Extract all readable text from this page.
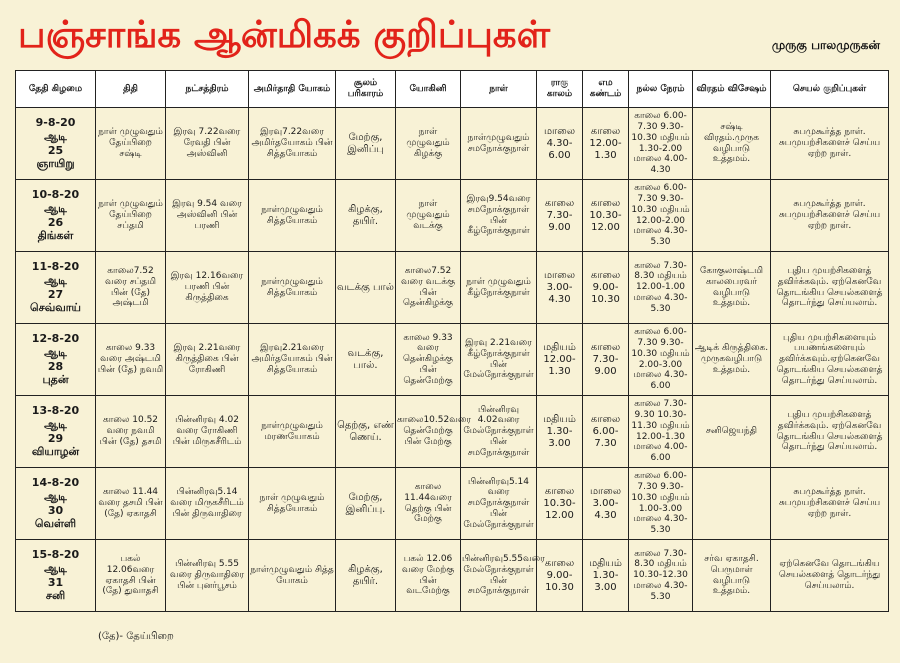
பஞ்சாங்க ஆன்மிகக் குறிப்புகள்	முருகு பாலமுருகன்
தேதி கிழமை	திதி	நட்சத்திரம்	அமிர்தாதி யோகம்	சூலம் பரிகாரம்	யோகினி	நாள்	ராகு காலம்	எம கண்டம்	நல்ல நேரம்	விரதம் விசேஷம்	செயல் குறிப்புகள்

9-8-20
ஆடி
25
ஞாயிறு	நாள் முழுவதும் தேய்பிறை சஷ்டி	இரவு 7.22வரை ரேவதி பின் அஸ்வினி	இரவு7.22வரை அமிர்தயோகம் பின் சித்தயோகம்	மேற்கு, இனிப்பு	நாள் முழுவதும் கிழக்கு	நாள்முழுவதும் சமநோக்குநாள்	மாலை 4.30- 6.00	காலை 12.00- 1.30	காலை 6.00-7.30 9.30-10.30 மதியம் 1.30-2.00 மாலை 4.00-4.30	சஷ்டி விரதம்.முருக வழிபாடு உத்தமம்.	சுபமுகூர்த்த நாள். சுபமுயற்சிகளைச் செய்ய ஏற்ற நாள்.

10-8-20
ஆடி
26
திங்கள்	நாள் முழுவதும் தேய்பிறை சப்தமி	இரவு 9.54 வரை அஸ்வினி பின் பரணி	நாள்முழுவதும் சித்தயோகம்	கிழக்கு, தயிர்.	நாள் முழுவதும் வடக்கு	இரவு9.54வரை சமநோக்குநாள் பின் கீழ்நோக்குநாள்	காலை 7.30- 9.00	காலை 10.30- 12.00	காலை 6.00-7.30 9.30-10.30 மதியம் 12.00-2.00 மாலை 4.30-5.30		சுபமுகூர்த்த நாள். சுபமுயற்சிகளைச் செய்ய ஏற்ற நாள்.

11-8-20
ஆடி
27
செவ்வாய்	காலை7.52 வரை சப்தமி பின் (தே) அஷ்டமி	இரவு 12.16வரை பரணி பின் கிருத்திகை	நாள்முழுவதும் சித்தயோகம்	வடக்கு பால்	காலை7.52 வரை வடக்கு பின் தென்கிழக்கு	நாள் முழுவதும் கீழ்நோக்குநாள்	மாலை 3.00- 4.30	காலை 9.00- 10.30	காலை 7.30-8.30 மதியம் 12.00-1.00 மாலை 4.30-5.30	கோகுலாஷ்டமி காலபைரவர் வழிபாடு உத்தமம்.	புதிய முயற்சிகளைத் தவிர்க்கவும். ஏற்கெனவே தொடங்கிய செயல்களைத் தொடர்ந்து செய்யலாம்.

12-8-20
ஆடி
28
புதன்	காலை 9.33 வரை அஷ்டமி பின் (தே) நவமி	இரவு 2.21வரை கிருத்திகை பின் ரோகிணி	இரவு2.21வரை அமிர்தயோகம் பின் சித்தயோகம்	வடக்கு, பால்.	காலை 9.33 வரை தென்கிழக்கு பின் தென்மேற்கு	இரவு 2.21வரை கீழ்நோக்குநாள் பின் மேல்நோக்குநாள்	மதியம் 12.00- 1.30	காலை 7.30- 9.00	காலை 6.00-7.30 9.30-10.30 மதியம் 2.00-3.00 மாலை 4.30-6.00	ஆடிக் கிருத்திகை. முருகவழிபாடு உத்தமம்.	புதிய முயற்சிகளையும் பயணங்களையும் தவிர்க்கவும்.ஏற்கெனவே தொடங்கிய செயல்களைத் தொடர்ந்து செய்யலாம்.

13-8-20
ஆடி
29
வியாழன்	காலை 10.52 வரை நவமி பின் (தே) தசமி	பின்னிரவு 4.02 வரை ரோகிணி பின் மிருகசீரிடம்	நாள்முழுவதும் மரணயோகம்	தெற்கு, எண் ணெய்.	காலை10.52வரை தென்மேற்கு பின் மேற்கு	பின்னிரவு 4.02வரை மேல்நோக்குநாள் பின் சமநோக்குநாள்	மதியம் 1.30- 3.00	காலை 6.00- 7.30	காலை 7.30-9.30 10.30-11.30 மதியம் 12.00-1.30 மாலை 4.00-6.00	சனிஜெயந்தி	புதிய முயற்சிகளைத் தவிர்க்கவும். ஏற்கெனவே தொடங்கிய செயல்களைத் தொடர்ந்து செய்யலாம்.

14-8-20
ஆடி
30
வெள்ளி	காலை 11.44 வரை தசமி பின் (தே) ஏகாதசி	பின்னிரவு5.14 வரை மிருகசீரிடம் பின் திருவாதிரை	நாள் முழுவதும் சித்தயோகம்	மேற்கு, இனிப்பு.	காலை 11.44வரை தெற்கு பின் மேற்கு	பின்னிரவு5.14 வரை சமநோக்குநாள் பின் மேல்நோக்குநாள்	காலை 10.30- 12.00	மாலை 3.00- 4.30	காலை 6.00-7.30 9.30-10.30 மதியம் 1.00-3.00 மாலை 4.30-5.30		சுபமுகூர்த்த நாள். சுபமுயற்சிகளைச் செய்ய ஏற்ற நாள்.

15-8-20
ஆடி
31
சனி	பகல் 12.06வரை ஏகாதசி பின் (தே) துவாதசி	பின்னிரவு 5.55 வரை திருவாதிரை பின் புனர்பூசம்	நாள்முழுவதும் சித்த யோகம்	கிழக்கு, தயிர்.	பகல் 12.06 வரை மேற்கு பின் வடமேற்கு	பின்னிரவு5.55வரை மேல்நோக்குநாள் பின் சமநோக்குநாள்	காலை 9.00- 10.30	மதியம் 1.30- 3.00	காலை 7.30-8.30 மதியம் 10.30-12.30 மாலை 4.30-5.30	சர்வ ஏகாதசி. பெருமாள் வழிபாடு உத்தமம்.	ஏற்கெனவே தொடங்கிய செயல்களைத் தொடர்ந்து செய்யலாம்.
(தே)- தேய்பிறை
